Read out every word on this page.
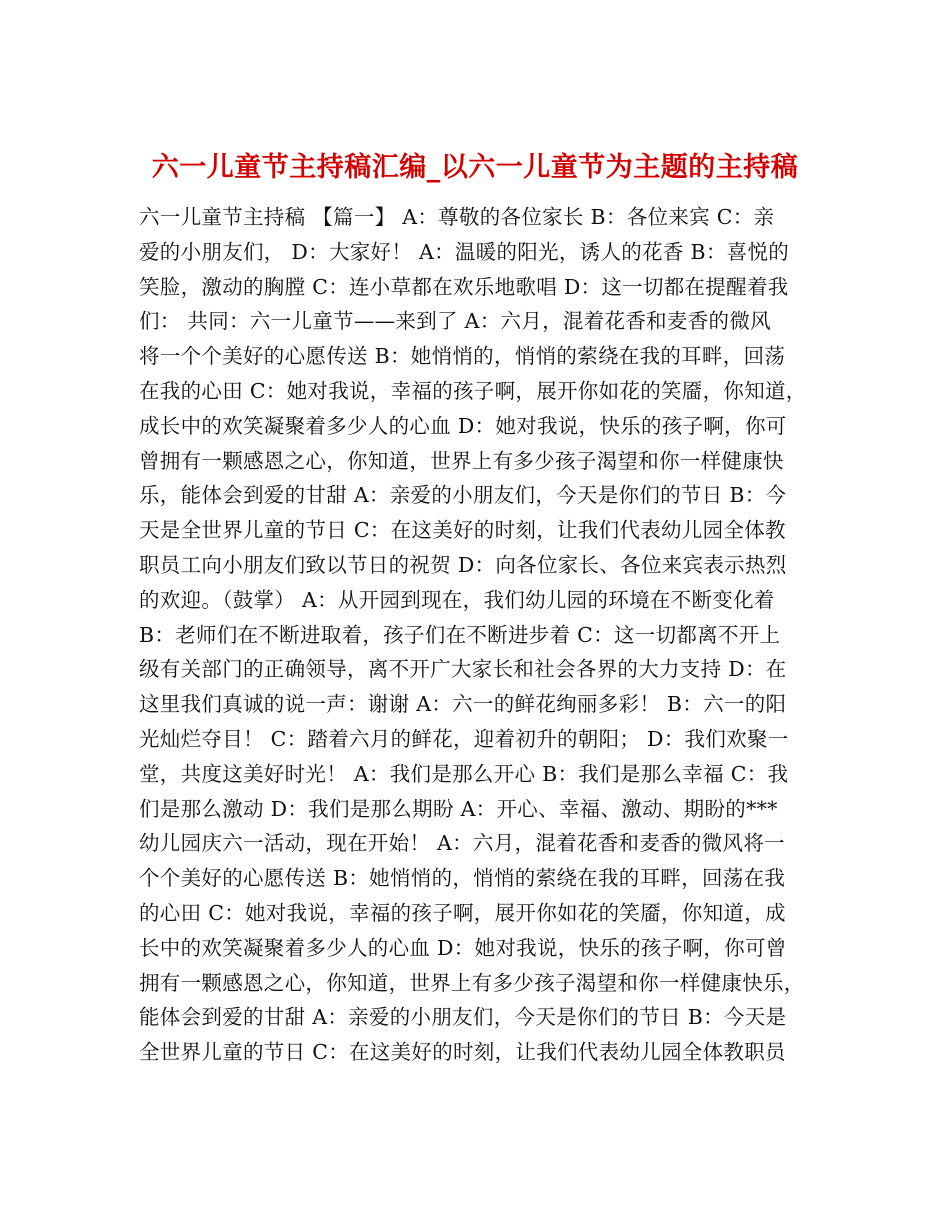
六一儿童节主持稿汇编_以六一儿童节为主题的主持稿
六一儿童节主持稿 【篇一】 A：尊敬的各位家长 B：各位来宾 C：亲
爱的小朋友们， D：大家好！ A：温暖的阳光，诱人的花香 B：喜悦的
笑脸，激动的胸膛 C：连小草都在欢乐地歌唱 D：这一切都在提醒着我
们： 共同：六一儿童节——来到了 A：六月，混着花香和麦香的微风
将一个个美好的心愿传送 B：她悄悄的，悄悄的萦绕在我的耳畔，回荡
在我的心田 C：她对我说，幸福的孩子啊，展开你如花的笑靥，你知道，
成长中的欢笑凝聚着多少人的心血 D：她对我说，快乐的孩子啊，你可
曾拥有一颗感恩之心，你知道，世界上有多少孩子渴望和你一样健康快
乐，能体会到爱的甘甜 A：亲爱的小朋友们，今天是你们的节日 B：今
天是全世界儿童的节日 C：在这美好的时刻，让我们代表幼儿园全体教
职员工向小朋友们致以节日的祝贺 D：向各位家长、各位来宾表示热烈
的欢迎。（鼓掌） A：从开园到现在，我们幼儿园的环境在不断变化着
B：老师们在不断进取着，孩子们在不断进步着 C：这一切都离不开上
级有关部门的正确领导，离不开广大家长和社会各界的大力支持 D：在
这里我们真诚的说一声：谢谢 A：六一的鲜花绚丽多彩！ B：六一的阳
光灿烂夺目！ C：踏着六月的鲜花，迎着初升的朝阳； D：我们欢聚一
堂，共度这美好时光！ A：我们是那么开心 B：我们是那么幸福 C：我
们是那么激动 D：我们是那么期盼 A：开心、幸福、激动、期盼的***
幼儿园庆六一活动，现在开始！ A：六月，混着花香和麦香的微风将一
个个美好的心愿传送 B：她悄悄的，悄悄的萦绕在我的耳畔，回荡在我
的心田 C：她对我说，幸福的孩子啊，展开你如花的笑靥，你知道，成
长中的欢笑凝聚着多少人的心血 D：她对我说，快乐的孩子啊，你可曾
拥有一颗感恩之心，你知道，世界上有多少孩子渴望和你一样健康快乐，
能体会到爱的甘甜 A：亲爱的小朋友们，今天是你们的节日 B：今天是
全世界儿童的节日 C：在这美好的时刻，让我们代表幼儿园全体教职员
